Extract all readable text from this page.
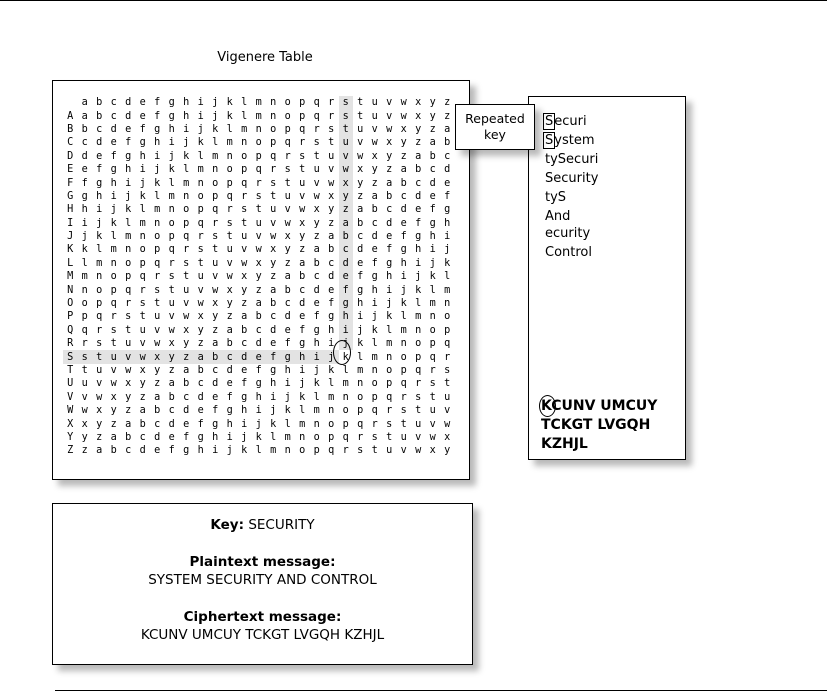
Vigenere Table
	a	b	c	d	e	f	g	h	i	j	k	l	m	n	o	p	q	r	s	t	u	v	w	x	y	z
A	a	b	c	d	e	f	g	h	i	j	k	l	m	n	o	p	q	r	s	t	u	v	w	x	y	z
B	b	c	d	e	f	g	h	i	j	k	l	m	n	o	p	q	r	s	t	u	v	w	x	y	z	a
C	c	d	e	f	g	h	i	j	k	l	m	n	o	p	q	r	s	t	u	v	w	x	y	z	a	b
D	d	e	f	g	h	i	j	k	l	m	n	o	p	q	r	s	t	u	v	w	x	y	z	a	b	c
E	e	f	g	h	i	j	k	l	m	n	o	p	q	r	s	t	u	v	w	x	y	z	a	b	c	d
F	f	g	h	i	j	k	l	m	n	o	p	q	r	s	t	u	v	w	x	y	z	a	b	c	d	e
G	g	h	i	j	k	l	m	n	o	p	q	r	s	t	u	v	w	x	y	z	a	b	c	d	e	f
H	h	i	j	k	l	m	n	o	p	q	r	s	t	u	v	w	x	y	z	a	b	c	d	e	f	g
I	i	j	k	l	m	n	o	p	q	r	s	t	u	v	w	x	y	z	a	b	c	d	e	f	g	h
J	j	k	l	m	n	o	p	q	r	s	t	u	v	w	x	y	z	a	b	c	d	e	f	g	h	i
K	k	l	m	n	o	p	q	r	s	t	u	v	w	x	y	z	a	b	c	d	e	f	g	h	i	j
L	l	m	n	o	p	q	r	s	t	u	v	w	x	y	z	a	b	c	d	e	f	g	h	i	j	k
M	m	n	o	p	q	r	s	t	u	v	w	x	y	z	a	b	c	d	e	f	g	h	i	j	k	l
N	n	o	p	q	r	s	t	u	v	w	x	y	z	a	b	c	d	e	f	g	h	i	j	k	l	m
O	o	p	q	r	s	t	u	v	w	x	y	z	a	b	c	d	e	f	g	h	i	j	k	l	m	n
P	p	q	r	s	t	u	v	w	x	y	z	a	b	c	d	e	f	g	h	i	j	k	l	m	n	o
Q	q	r	s	t	u	v	w	x	y	z	a	b	c	d	e	f	g	h	i	j	k	l	m	n	o	p
R	r	s	t	u	v	w	x	y	z	a	b	c	d	e	f	g	h	i	j	k	l	m	n	o	p	q
S	s	t	u	v	w	x	y	z	a	b	c	d	e	f	g	h	i	j	k	l	m	n	o	p	q	r
T	t	u	v	w	x	y	z	a	b	c	d	e	f	g	h	i	j	k	l	m	n	o	p	q	r	s
U	u	v	w	x	y	z	a	b	c	d	e	f	g	h	i	j	k	l	m	n	o	p	q	r	s	t
V	v	w	x	y	z	a	b	c	d	e	f	g	h	i	j	k	l	m	n	o	p	q	r	s	t	u
W	w	x	y	z	a	b	c	d	e	f	g	h	i	j	k	l	m	n	o	p	q	r	s	t	u	v
X	x	y	z	a	b	c	d	e	f	g	h	i	j	k	l	m	n	o	p	q	r	s	t	u	v	w
Y	y	z	a	b	c	d	e	f	g	h	i	j	k	l	m	n	o	p	q	r	s	t	u	v	w	x
Z	z	a	b	c	d	e	f	g	h	i	j	k	l	m	n	o	p	q	r	s	t	u	v	w	x	y
Securi
System
tySecuri
Security
tyS
And
ecurity
Control
KCUNV UMCUY
TCKGT LVGQH
KZHJL
Repeated key
Key: SECURITY
Plaintext message:
SYSTEM SECURITY AND CONTROL
Ciphertext message:
KCUNV UMCUY TCKGT LVGQH KZHJL
